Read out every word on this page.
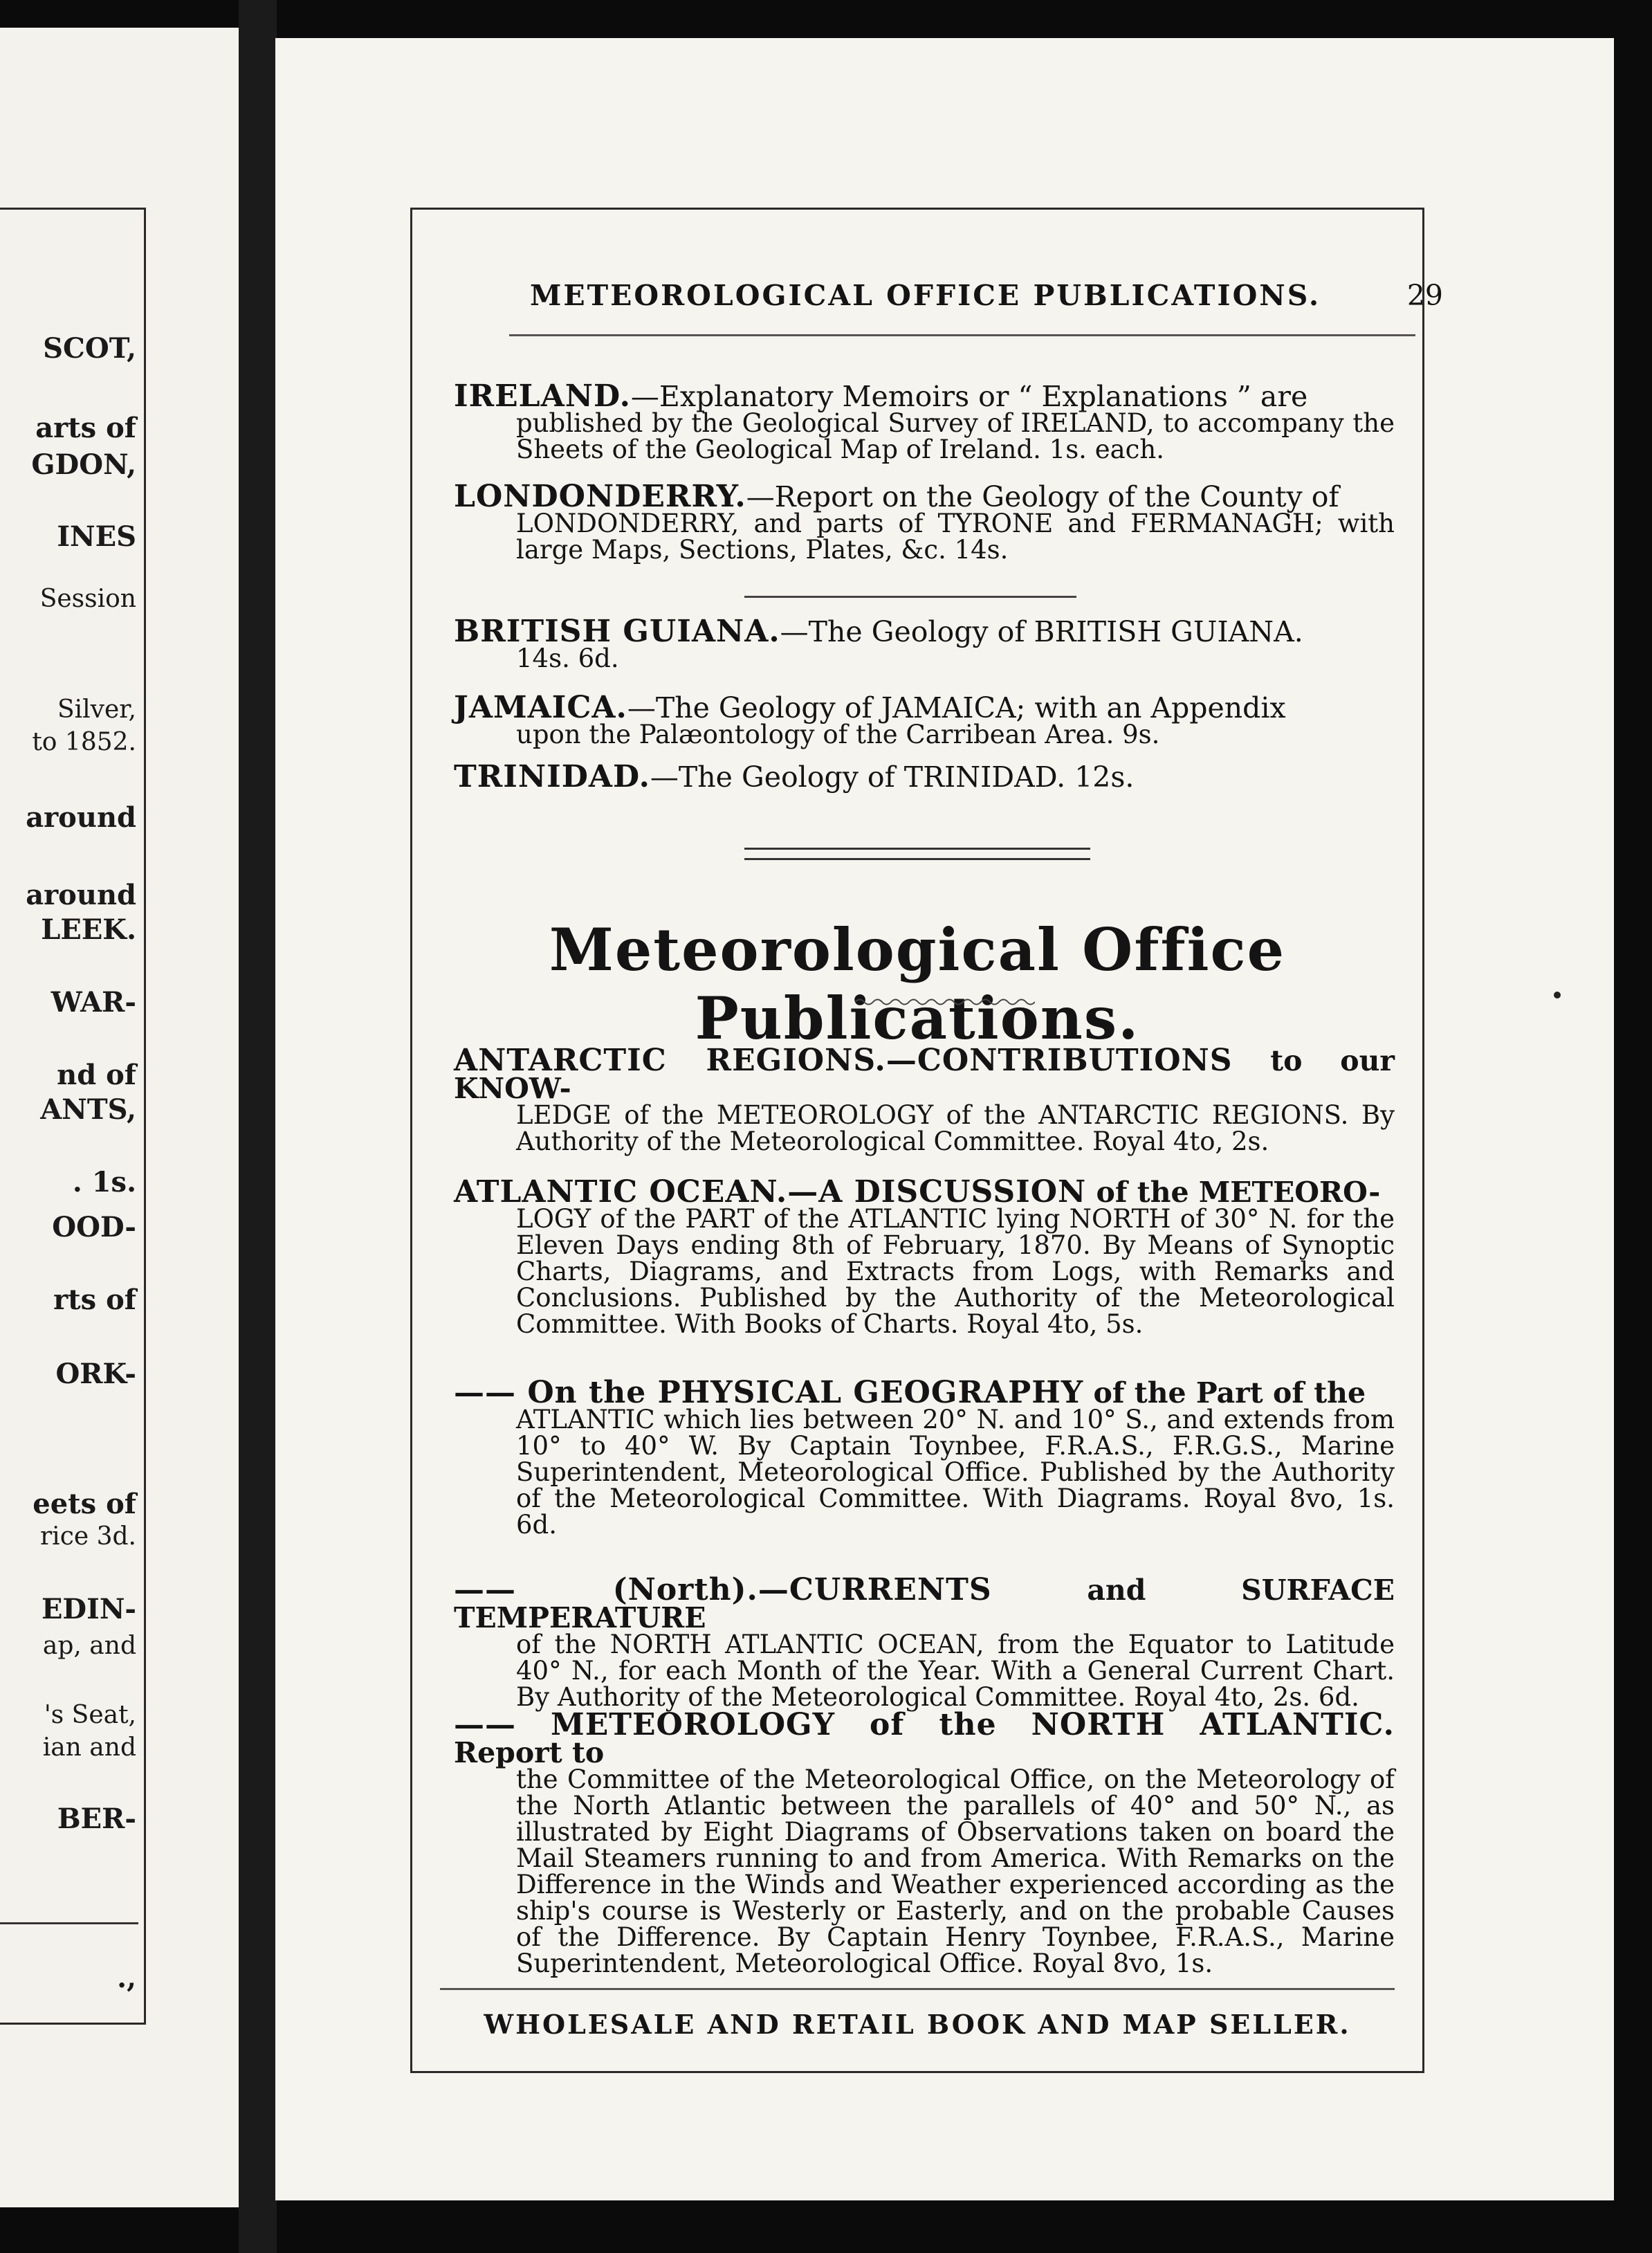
SCOT,
arts of
GDON,
INES
Session
Silver,
to 1852.
around
around
LEEK.
WAR-
nd of
ANTS,
. 1s.
OOD-
rts of
ORK-
eets of
rice 3d.
EDIN-
ap, and
's Seat,
ian and
BER-
.,
METEOROLOGICAL OFFICE PUBLICATIONS.	29
IRELAND.—Explanatory Memoirs or “ Explanations ” are
published by the Geological Survey of IRELAND, to accompany the Sheets of the Geological Map of Ireland. 1s. each.
LONDONDERRY.—Report on the Geology of the County of
LONDONDERRY, and parts of TYRONE and FERMANAGH; with large Maps, Sections, Plates, &c. 14s.
BRITISH GUIANA.—The Geology of BRITISH GUIANA.
14s. 6d.
JAMAICA.—The Geology of JAMAICA; with an Appendix
upon the Palæontology of the Carribean Area. 9s.
TRINIDAD.—The Geology of TRINIDAD. 12s.
Meteorological Office Publications.
ANTARCTIC REGIONS.—CONTRIBUTIONS to our KNOW-
LEDGE of the METEOROLOGY of the ANTARCTIC REGIONS. By Authority of the Meteorological Committee. Royal 4to, 2s.
ATLANTIC OCEAN.—A DISCUSSION of the METEORO-
LOGY of the PART of the ATLANTIC lying NORTH of 30° N. for the Eleven Days ending 8th of February, 1870. By Means of Synoptic Charts, Diagrams, and Extracts from Logs, with Remarks and Conclusions. Published by the Authority of the Meteorological Committee. With Books of Charts. Royal 4to, 5s.
—— On the PHYSICAL GEOGRAPHY of the Part of the
ATLANTIC which lies between 20° N. and 10° S., and extends from 10° to 40° W. By Captain Toynbee, F.R.A.S., F.R.G.S., Marine Superintendent, Meteorological Office. Published by the Authority of the Meteorological Committee. With Diagrams. Royal 8vo, 1s. 6d.
—— (North).—CURRENTS and SURFACE TEMPERATURE
of the NORTH ATLANTIC OCEAN, from the Equator to Latitude 40° N., for each Month of the Year. With a General Current Chart. By Authority of the Meteorological Committee. Royal 4to, 2s. 6d.
—— METEOROLOGY of the NORTH ATLANTIC. Report to
the Committee of the Meteorological Office, on the Meteorology of the North Atlantic between the parallels of 40° and 50° N., as illustrated by Eight Diagrams of Observations taken on board the Mail Steamers running to and from America. With Remarks on the Difference in the Winds and Weather experienced according as the ship's course is Westerly or Easterly, and on the probable Causes of the Difference. By Captain Henry Toynbee, F.R.A.S., Marine Superintendent, Meteorological Office. Royal 8vo, 1s.
WHOLESALE AND RETAIL BOOK AND MAP SELLER.
